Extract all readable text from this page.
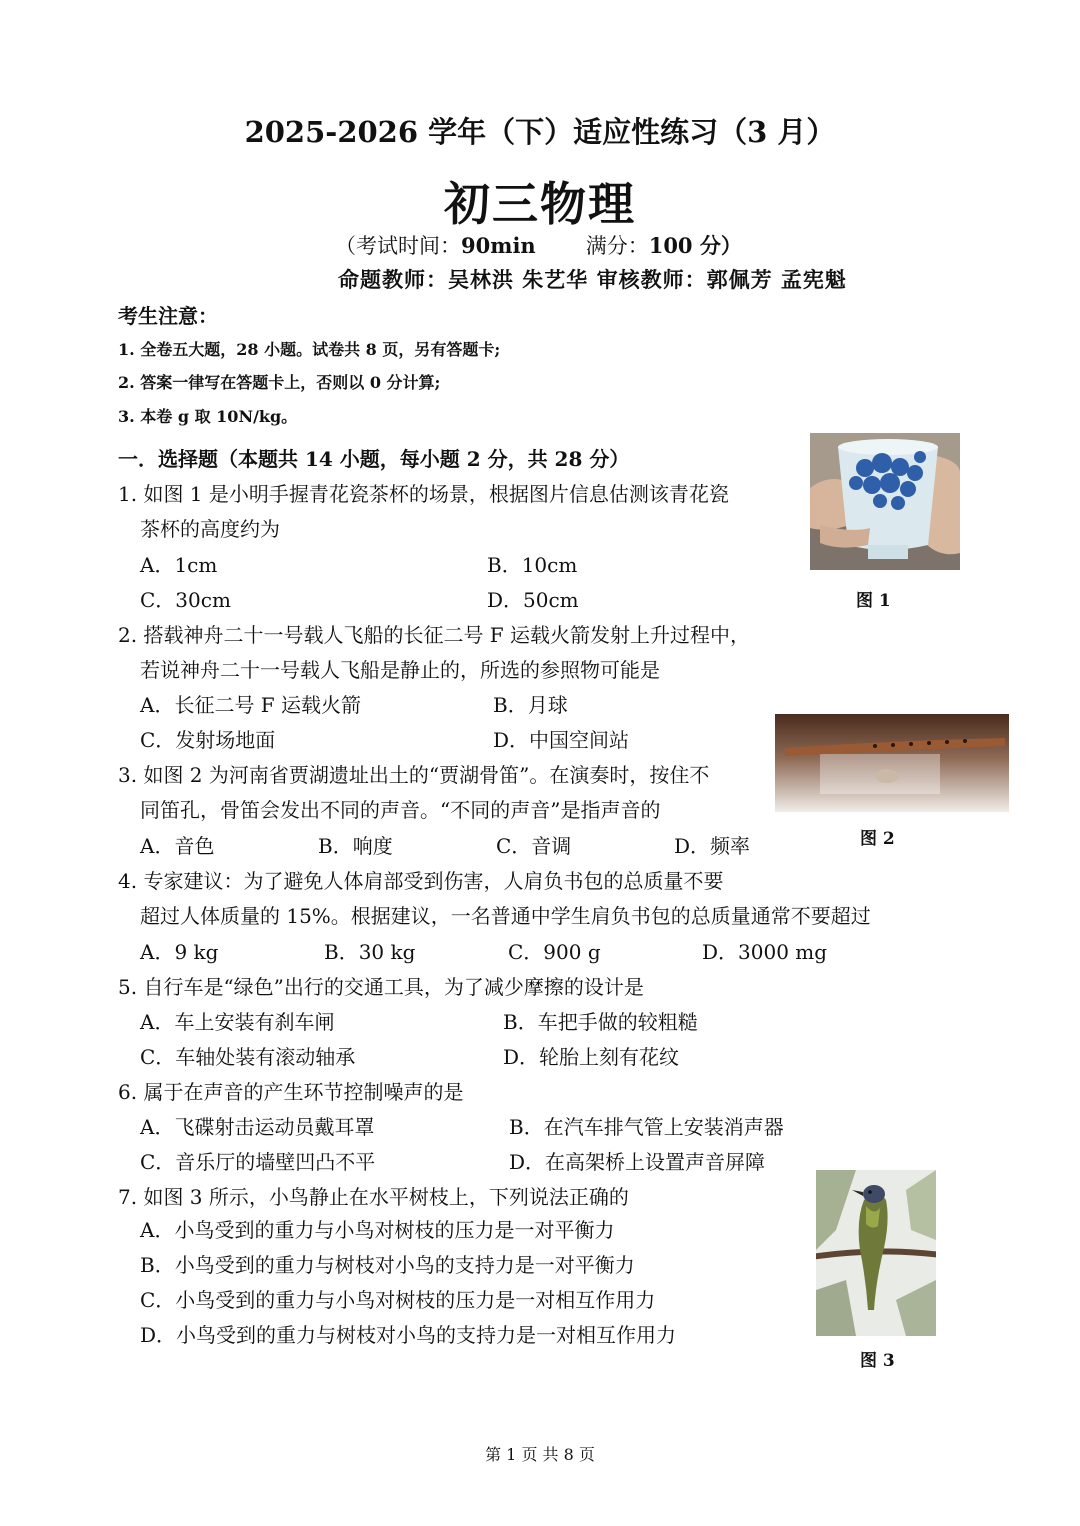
2025-2026 学年（下）适应性练习（3 月）
初三物理
（考试时间：90min 满分：100 分）
命题教师：吴林洪 朱艺华 审核教师：郭佩芳 孟宪魁
考生注意：
1. 全卷五大题，28 小题。试卷共 8 页，另有答题卡;
2. 答案一律写在答题卡上，否则以 0 分计算;
3. 本卷 g 取 10N/kg。
一．选择题（本题共 14 小题，每小题 2 分，共 28 分）
1. 如图 1 是小明手握青花瓷茶杯的场景，根据图片信息估测该青花瓷
茶杯的高度约为
A．1cm	B．10cm
C．30cm	D．50cm
2. 搭载神舟二十一号载人飞船的长征二号 F 运载火箭发射上升过程中，
若说神舟二十一号载人飞船是静止的，所选的参照物可能是
A．长征二号 F 运载火箭	B．月球
C．发射场地面	D．中国空间站
3. 如图 2 为河南省贾湖遗址出土的“贾湖骨笛”。在演奏时，按住不
同笛孔，骨笛会发出不同的声音。“不同的声音”是指声音的
A．音色	B．响度	C．音调	D．频率
4. 专家建议：为了避免人体肩部受到伤害，人肩负书包的总质量不要
超过人体质量的 15%。根据建议，一名普通中学生肩负书包的总质量通常不要超过
A．9 kg	B．30 kg	C．900 g	D．3000 mg
5. 自行车是“绿色”出行的交通工具，为了减少摩擦的设计是
A．车上安装有刹车闸	B．车把手做的较粗糙
C．车轴处装有滚动轴承	D．轮胎上刻有花纹
6. 属于在声音的产生环节控制噪声的是
A．飞碟射击运动员戴耳罩	B．在汽车排气管上安装消声器
C．音乐厅的墙壁凹凸不平	D．在高架桥上设置声音屏障
7. 如图 3 所示，小鸟静止在水平树枝上，下列说法正确的
A．小鸟受到的重力与小鸟对树枝的压力是一对平衡力
B．小鸟受到的重力与树枝对小鸟的支持力是一对平衡力
C．小鸟受到的重力与小鸟对树枝的压力是一对相互作用力
D．小鸟受到的重力与树枝对小鸟的支持力是一对相互作用力
图 1
图 2
图 3
第 1 页 共 8 页
